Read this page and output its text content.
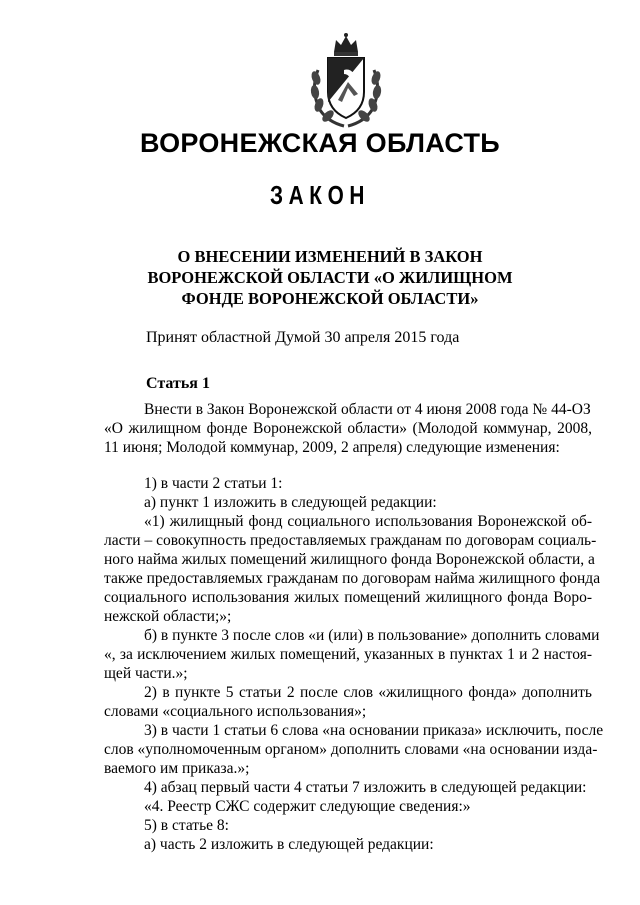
ВОРОНЕЖСКАЯ ОБЛАСТЬ
ЗАКОН
О ВНЕСЕНИИ ИЗМЕНЕНИЙ В ЗАКОН
ВОРОНЕЖСКОЙ ОБЛАСТИ «О ЖИЛИЩНОМ
ФОНДЕ ВОРОНЕЖСКОЙ ОБЛАСТИ»
Принят областной Думой 30 апреля 2015 года
Статья 1

Внести в Закон Воронежской области от 4 июня 2008 года № 44-ОЗ

«О жилищном фонде Воронежской области» (Молодой коммунар, 2008,

11 июня; Молодой коммунар, 2009, 2 апреля) следующие изменения:

1) в части 2 статьи 1:

а) пункт 1 изложить в следующей редакции:

«1) жилищный фонд социального использования Воронежской об-

ласти – совокупность предоставляемых гражданам по договорам социаль-

ного найма жилых помещений жилищного фонда Воронежской области, а

также предоставляемых гражданам по договорам найма жилищного фонда

социального использования жилых помещений жилищного фонда Воро-

нежской области;»;

б) в пункте 3 после слов «и (или) в пользование» дополнить словами

«, за исключением жилых помещений, указанных в пунктах 1 и 2 настоя-

щей части.»;

2) в пункте 5 статьи 2 после слов «жилищного фонда» дополнить

словами «социального использования»;

3) в части 1 статьи 6 слова «на основании приказа» исключить, после

слов «уполномоченным органом» дополнить словами «на основании изда-

ваемого им приказа.»;

4) абзац первый части 4 статьи 7 изложить в следующей редакции:

«4. Реестр СЖС содержит следующие сведения:»

5) в статье 8:

а) часть 2 изложить в следующей редакции:
